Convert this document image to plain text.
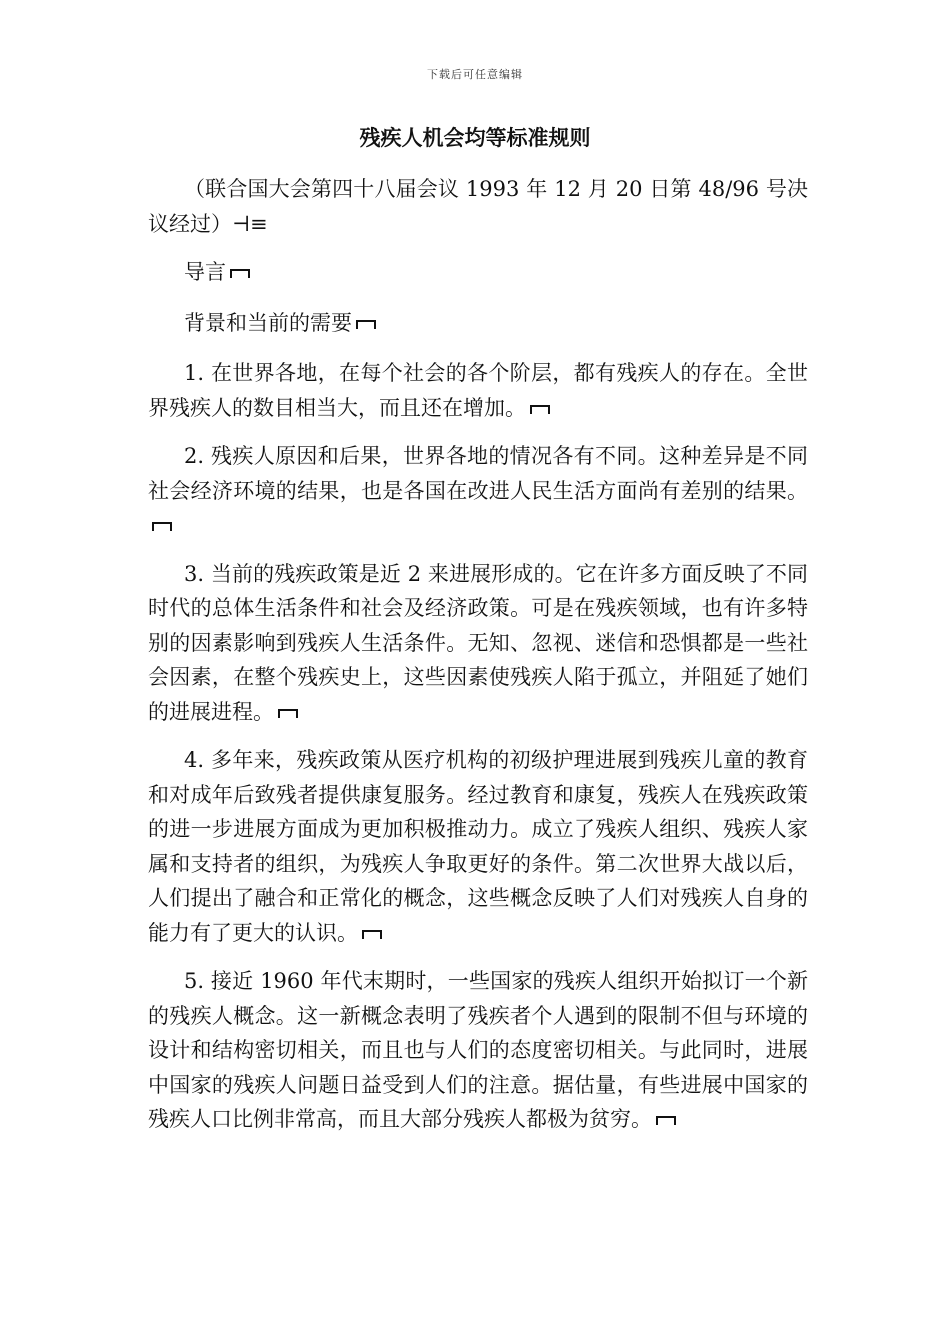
下载后可任意编辑
残疾人机会均等标准规则

（联合国大会第四十八届会议 1993 年 12 月 20 日第 48/96 号决议经过）⊣≡

导言

背景和当前的需要

1. 在世界各地，在每个社会的各个阶层，都有残疾人的存在。全世界残疾人的数目相当大，而且还在增加。

2. 残疾人原因和后果，世界各地的情况各有不同。这种差异是不同社会经济环境的结果，也是各国在改进人民生活方面尚有差别的结果。

3. 当前的残疾政策是近 2 来进展形成的。它在许多方面反映了不同时代的总体生活条件和社会及经济政策。可是在残疾领域，也有许多特别的因素影响到残疾人生活条件。无知、忽视、迷信和恐惧都是一些社会因素，在整个残疾史上，这些因素使残疾人陷于孤立，并阻延了她们的进展进程。

4. 多年来，残疾政策从医疗机构的初级护理进展到残疾儿童的教育和对成年后致残者提供康复服务。经过教育和康复，残疾人在残疾政策的进一步进展方面成为更加积极推动力。成立了残疾人组织、残疾人家属和支持者的组织，为残疾人争取更好的条件。第二次世界大战以后，人们提出了融合和正常化的概念，这些概念反映了人们对残疾人自身的能力有了更大的认识。

5. 接近 1960 年代末期时，一些国家的残疾人组织开始拟订一个新的残疾人概念。这一新概念表明了残疾者个人遇到的限制不但与环境的设计和结构密切相关，而且也与人们的态度密切相关。与此同时，进展中国家的残疾人问题日益受到人们的注意。据估量，有些进展中国家的残疾人口比例非常高，而且大部分残疾人都极为贫穷。
